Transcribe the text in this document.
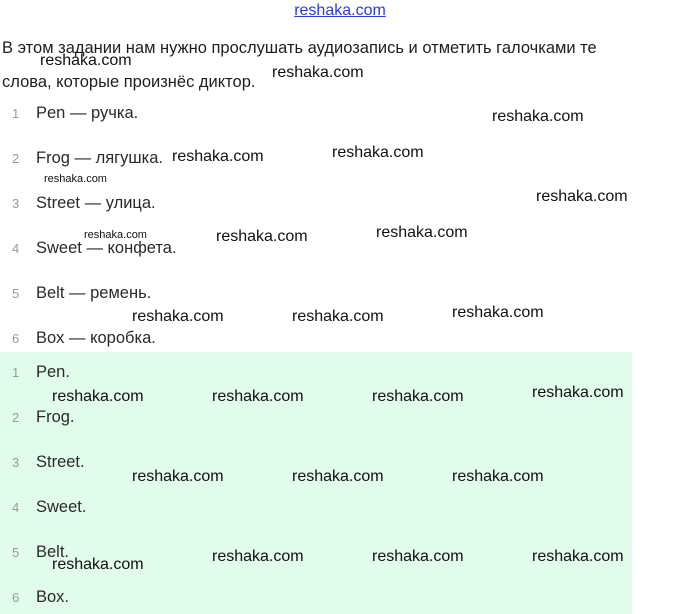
reshaka.com
В этом задании нам нужно прослушать аудиозапись и отметить галочками те
слова, которые произнёс диктор.
1	Pen — ручка.
2	Frog — лягушка.
3	Street — улица.
4	Sweet — конфета.
5	Belt — ремень.
6	Box — коробка.
1	Pen.
2	Frog.
3	Street.
4	Sweet.
5	Belt.
6	Box.
reshaka.com
reshaka.com
reshaka.com
reshaka.com	reshaka.com
reshaka.com
reshaka.com
reshaka.com	reshaka.com	reshaka.com
reshaka.com	reshaka.com	reshaka.com
reshaka.com	reshaka.com	reshaka.com	reshaka.com
reshaka.com	reshaka.com	reshaka.com
reshaka.com	reshaka.com	reshaka.com
reshaka.com
